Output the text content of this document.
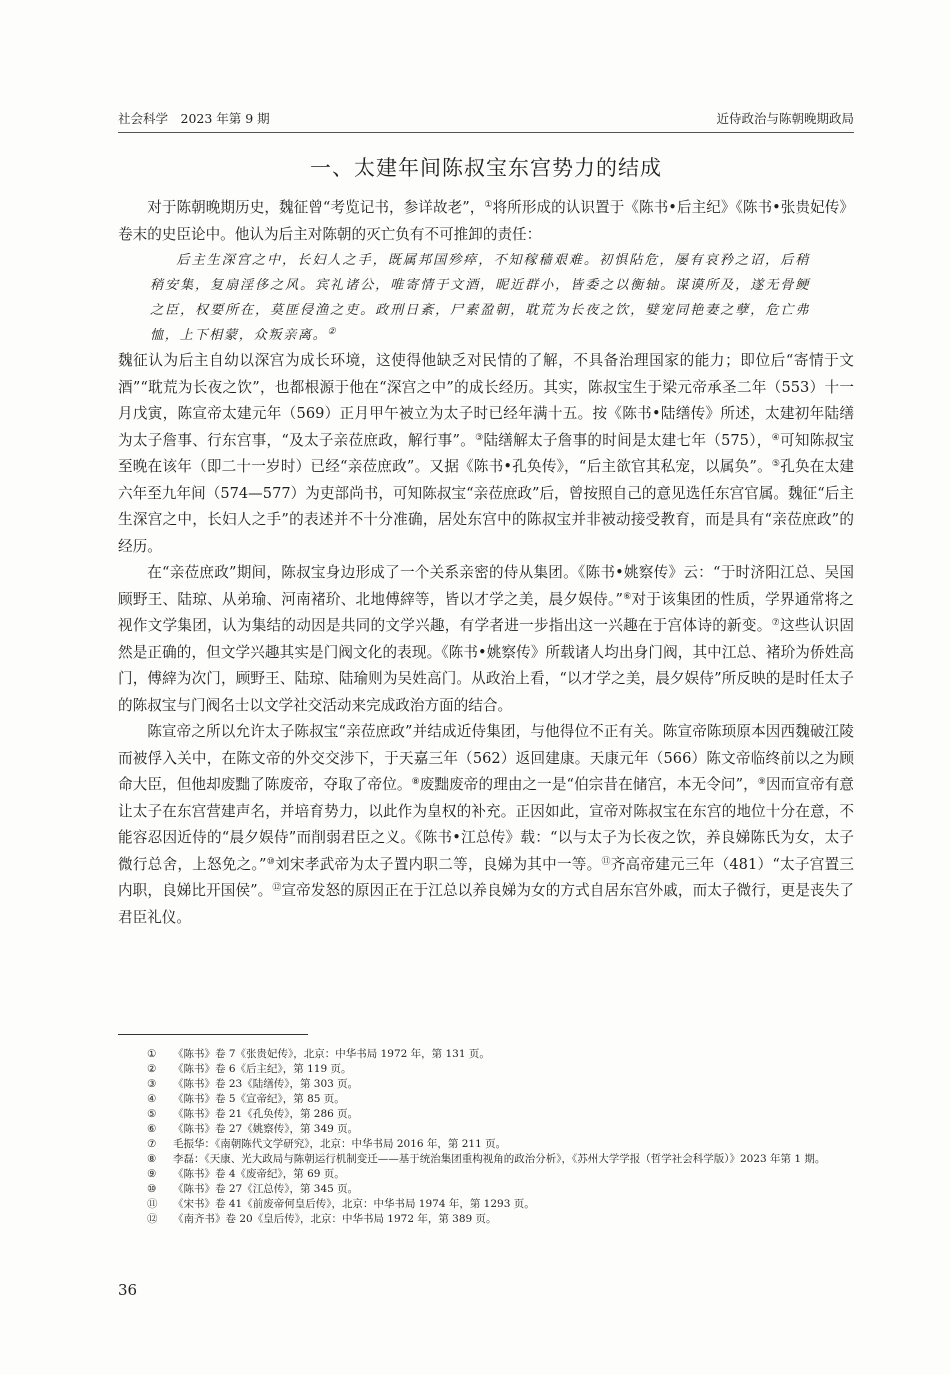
社会科学　2023 年第 9 期	近侍政治与陈朝晚期政局
一、太建年间陈叔宝东宫势力的结成

对于陈朝晚期历史，魏征曾“考览记书，参详故老”，①将所形成的认识置于《陈书•后主纪》《陈书•张贵妃传》卷末的史臣论中。他认为后主对陈朝的灭亡负有不可推卸的责任：

后主生深宫之中，长妇人之手，既属邦国殄瘁，不知稼穑艰难。初惧阽危，屡有哀矜之诏，后稍稍安集，复扇淫侈之风。宾礼诸公，唯寄情于文酒，昵近群小，皆委之以衡轴。谋谟所及，遂无骨鲠之臣，权要所在，莫匪侵渔之吏。政刑日紊，尸素盈朝，耽荒为长夜之饮，嬖宠同艳妻之孽，危亡弗恤，上下相蒙，众叛亲离。②

魏征认为后主自幼以深宫为成长环境，这使得他缺乏对民情的了解，不具备治理国家的能力；即位后“寄情于文酒”“耽荒为长夜之饮”，也都根源于他在“深宫之中”的成长经历。其实，陈叔宝生于梁元帝承圣二年（553）十一月戊寅，陈宣帝太建元年（569）正月甲午被立为太子时已经年满十五。按《陈书•陆缮传》所述，太建初年陆缮为太子詹事、行东宫事，“及太子亲莅庶政，解行事”。③陆缮解太子詹事的时间是太建七年（575），④可知陈叔宝至晚在该年（即二十一岁时）已经“亲莅庶政”。又据《陈书•孔奂传》，“后主欲官其私宠，以属奂”。⑤孔奂在太建六年至九年间（574—577）为吏部尚书，可知陈叔宝“亲莅庶政”后，曾按照自己的意见选任东宫官属。魏征“后主生深宫之中，长妇人之手”的表述并不十分准确，居处东宫中的陈叔宝并非被动接受教育，而是具有“亲莅庶政”的经历。

在“亲莅庶政”期间，陈叔宝身边形成了一个关系亲密的侍从集团。《陈书•姚察传》云：“于时济阳江总、吴国顾野王、陆琼、从弟瑜、河南褚玠、北地傅縡等，皆以才学之美，晨夕娱侍。”⑥对于该集团的性质，学界通常将之视作文学集团，认为集结的动因是共同的文学兴趣，有学者进一步指出这一兴趣在于宫体诗的新变。⑦这些认识固然是正确的，但文学兴趣其实是门阀文化的表现。《陈书•姚察传》所载诸人均出身门阀，其中江总、褚玠为侨姓高门，傅縡为次门，顾野王、陆琼、陆瑜则为吴姓高门。从政治上看，“以才学之美，晨夕娱侍”所反映的是时任太子的陈叔宝与门阀名士以文学社交活动来完成政治方面的结合。

陈宣帝之所以允许太子陈叔宝“亲莅庶政”并结成近侍集团，与他得位不正有关。陈宣帝陈顼原本因西魏破江陵而被俘入关中，在陈文帝的外交交涉下，于天嘉三年（562）返回建康。天康元年（566）陈文帝临终前以之为顾命大臣，但他却废黜了陈废帝，夺取了帝位。⑧废黜废帝的理由之一是“伯宗昔在储宫，本无令问”，⑨因而宣帝有意让太子在东宫营建声名，并培育势力，以此作为皇权的补充。正因如此，宣帝对陈叔宝在东宫的地位十分在意，不能容忍因近侍的“晨夕娱侍”而削弱君臣之义。《陈书•江总传》载：“以与太子为长夜之饮，养良娣陈氏为女，太子微行总舍，上怒免之。”⑩刘宋孝武帝为太子置内职二等，良娣为其中一等。⑪齐高帝建元三年（481）“太子宫置三内职，良娣比开国侯”。⑫宣帝发怒的原因正在于江总以养良娣为女的方式自居东宫外戚，而太子微行，更是丧失了君臣礼仪。

① 《陈书》卷 7《张贵妃传》，北京：中华书局 1972 年，第 131 页。
② 《陈书》卷 6《后主纪》，第 119 页。
③ 《陈书》卷 23《陆缮传》，第 303 页。
④ 《陈书》卷 5《宣帝纪》，第 85 页。
⑤ 《陈书》卷 21《孔奂传》，第 286 页。
⑥ 《陈书》卷 27《姚察传》，第 349 页。
⑦ 毛振华：《南朝陈代文学研究》，北京：中华书局 2016 年，第 211 页。
⑧ 李磊：《天康、光大政局与陈朝运行机制变迁——基于统治集团重构视角的政治分析》，《苏州大学学报（哲学社会科学版）》2023 年第 1 期。
⑨ 《陈书》卷 4《废帝纪》，第 69 页。
⑩ 《陈书》卷 27《江总传》，第 345 页。
⑪ 《宋书》卷 41《前废帝何皇后传》，北京：中华书局 1974 年，第 1293 页。
⑫ 《南齐书》卷 20《皇后传》，北京：中华书局 1972 年，第 389 页。
36
